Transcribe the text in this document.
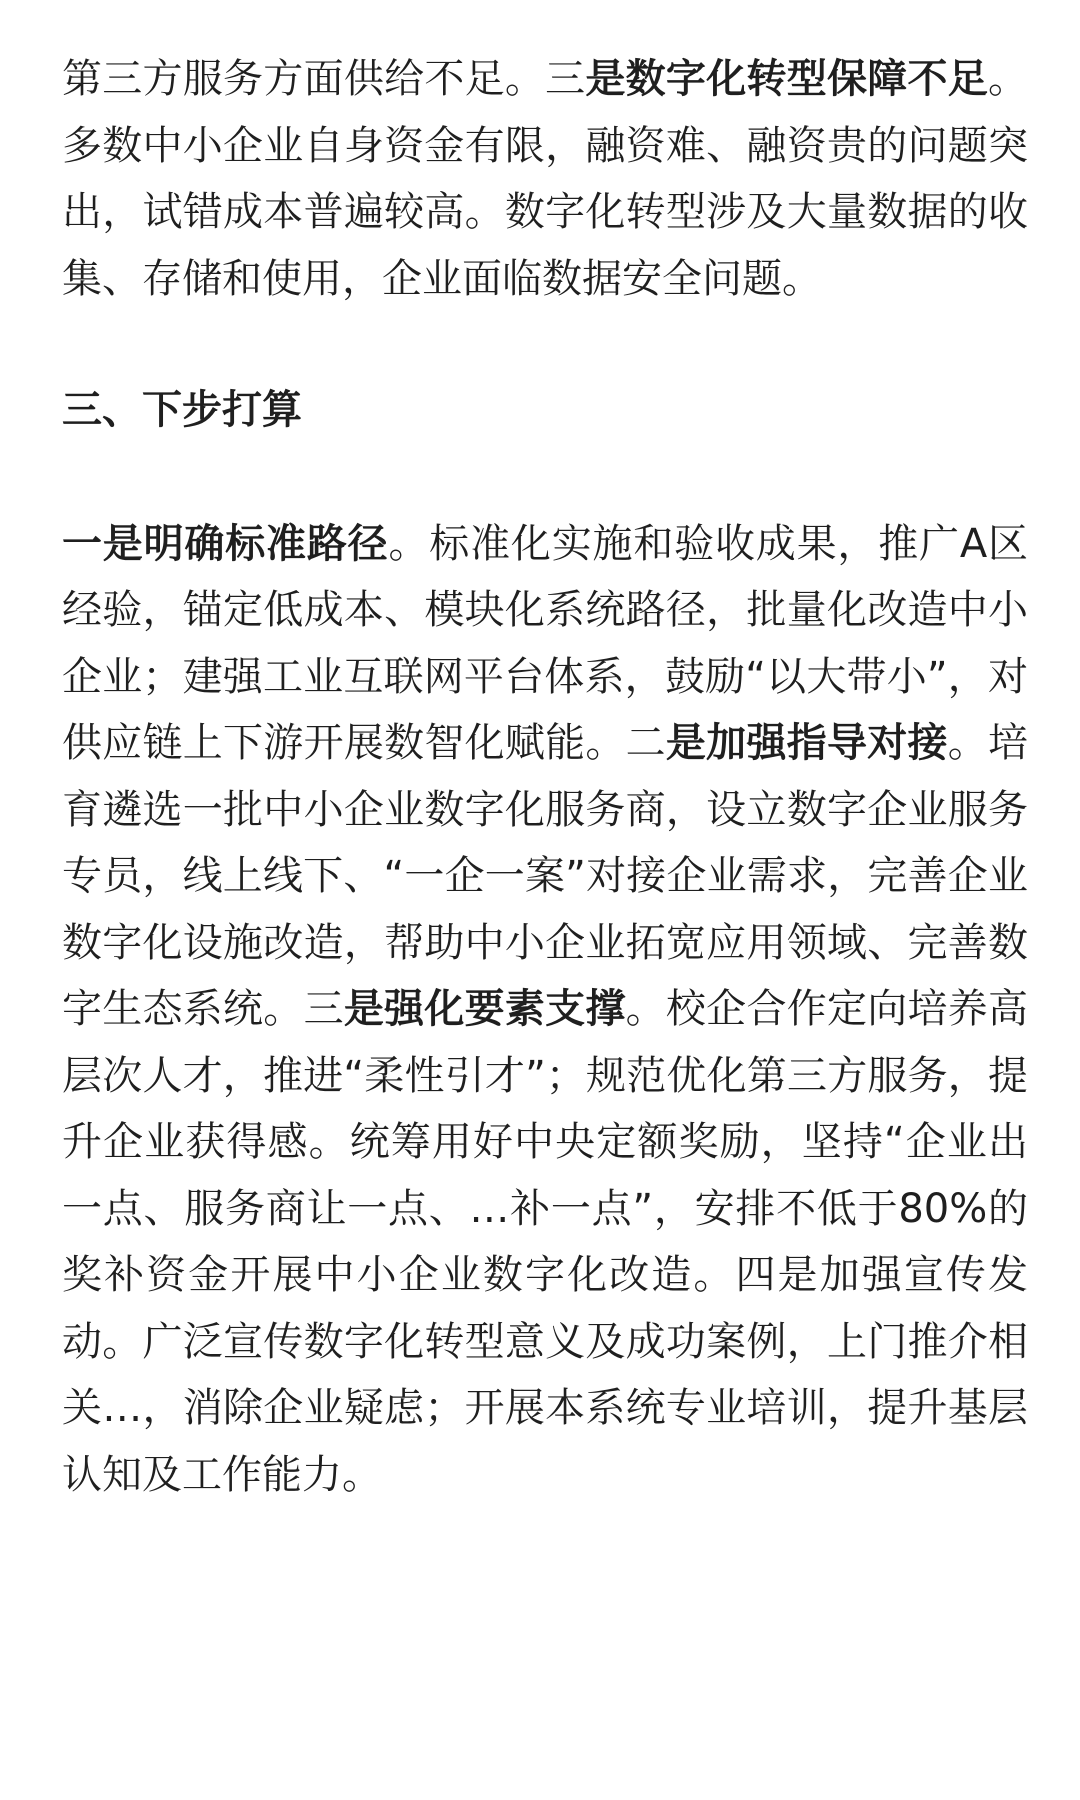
第三方服务方面供给不足。三是数字化转型保障不足。多数中小企业自身资金有限，融资难、融资贵的问题突出，试错成本普遍较高。数字化转型涉及大量数据的收集、存储和使用，企业面临数据安全问题。

三、下步打算

一是明确标准路径。标准化实施和验收成果，推广A区经验，锚定低成本、模块化系统路径，批量化改造中小企业；建强工业互联网平台体系，鼓励“以大带小”，对供应链上下游开展数智化赋能。二是加强指导对接。培育遴选一批中小企业数字化服务商，设立数字企业服务专员，线上线下、“一企一案”对接企业需求，完善企业数字化设施改造，帮助中小企业拓宽应用领域、完善数字生态系统。三是强化要素支撑。校企合作定向培养高层次人才，推进“柔性引才”；规范优化第三方服务，提升企业获得感。统筹用好中央定额奖励，坚持“企业出一点、服务商让一点、…补一点”，安排不低于80%的奖补资金开展中小企业数字化改造。四是加强宣传发动。广泛宣传数字化转型意义及成功案例，上门推介相关…，消除企业疑虑；开展本系统专业培训，提升基层认知及工作能力。
